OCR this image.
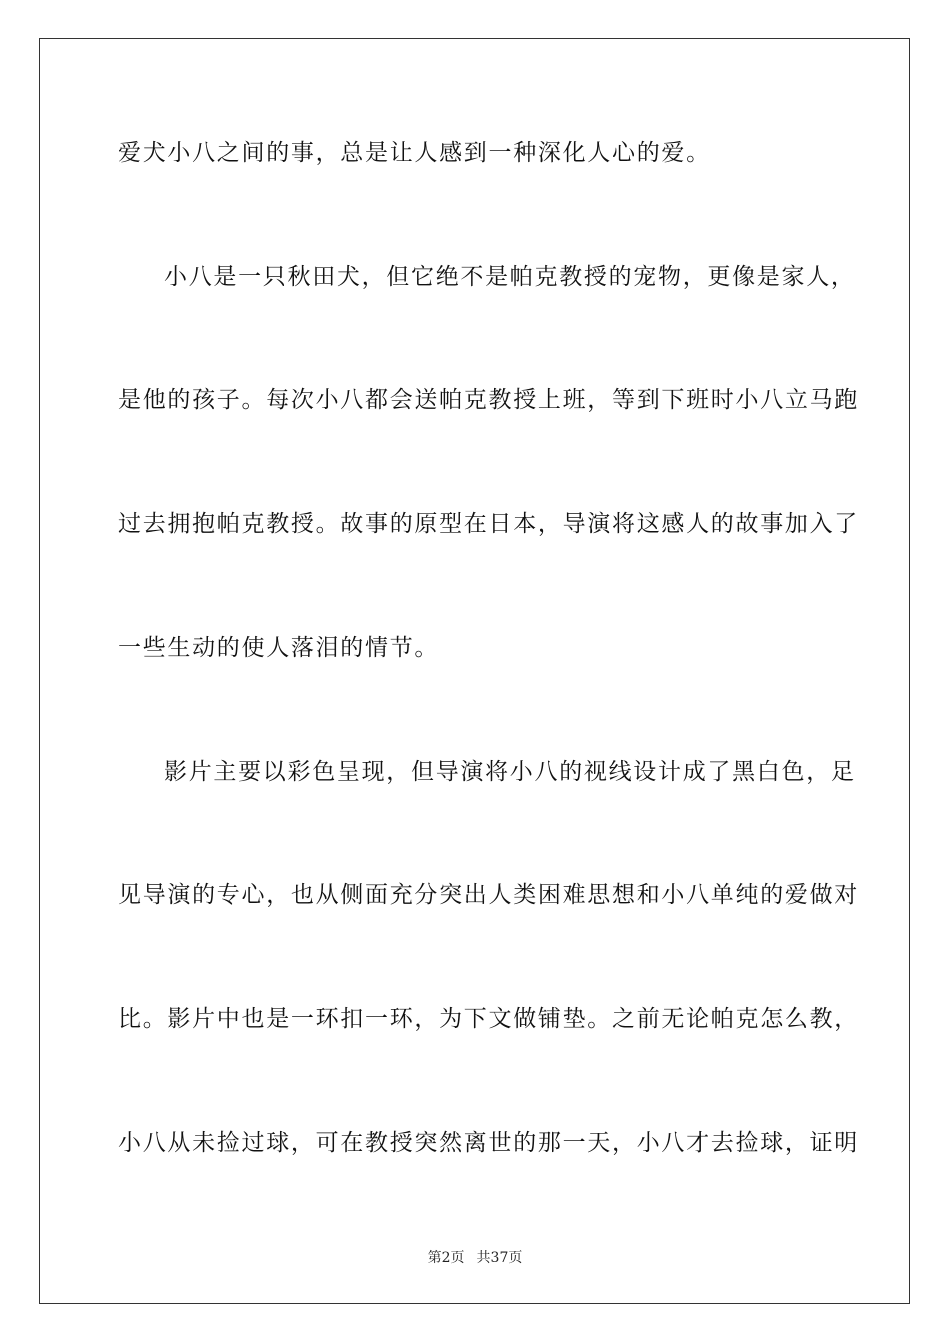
爱犬小八之间的事，总是让人感到一种深化人心的爱。
小八是一只秋田犬，但它绝不是帕克教授的宠物，更像是家人，
是他的孩子。每次小八都会送帕克教授上班，等到下班时小八立马跑
过去拥抱帕克教授。故事的原型在日本，导演将这感人的故事加入了
一些生动的使人落泪的情节。
影片主要以彩色呈现，但导演将小八的视线设计成了黑白色，足
见导演的专心，也从侧面充分突出人类困难思想和小八单纯的爱做对
比。影片中也是一环扣一环，为下文做铺垫。之前无论帕克怎么教，
小八从未捡过球，可在教授突然离世的那一天，小八才去捡球，证明
第2页 共37页
